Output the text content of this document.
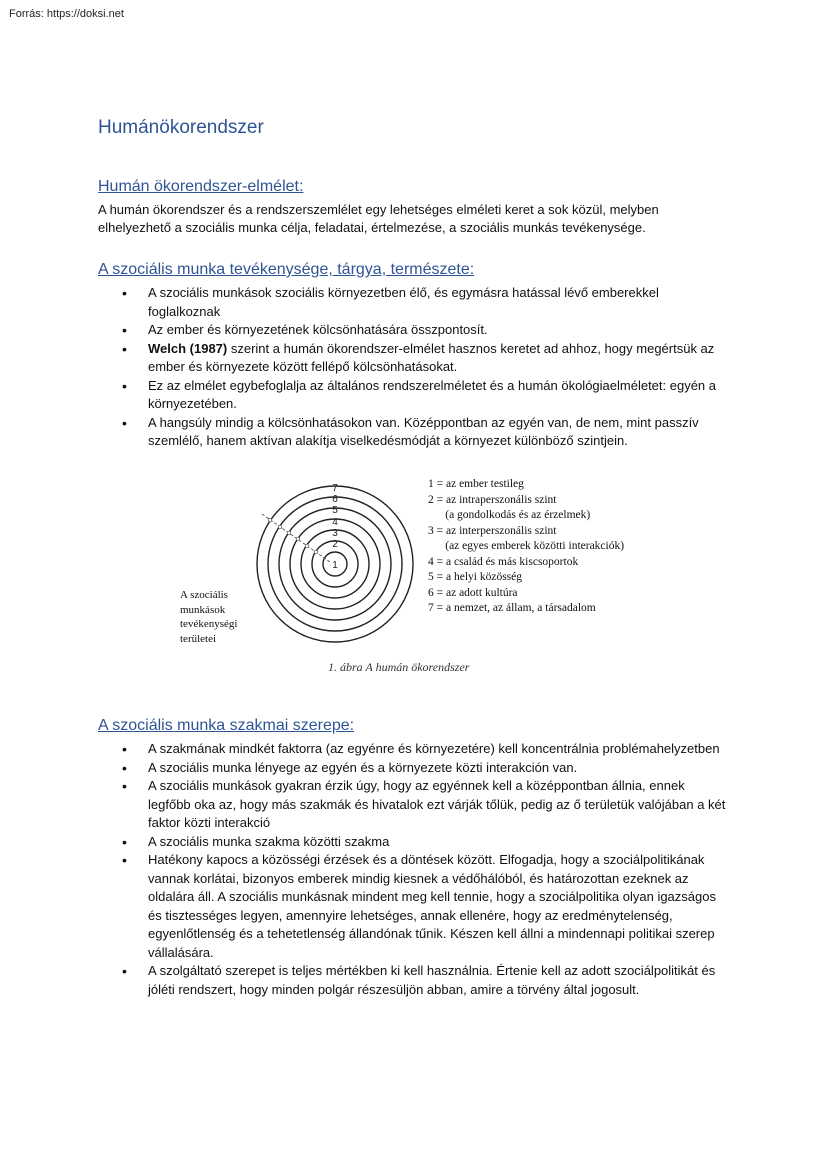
Forrás: https://doksi.net
Humánökorendszer
Humán ökorendszer-elmélet:
A humán ökorendszer és a rendszerszemlélet egy lehetséges elméleti keret a sok közül, melyben elhelyezhető a szociális munka célja, feladatai, értelmezése, a szociális munkás tevékenysége.
A szociális munka tevékenysége, tárgya, természete:
• A szociális munkások szociális környezetben élő, és egymásra hatással lévő emberekkel foglalkoznak
• Az ember és környezetének kölcsönhatására összpontosít.
• Welch (1987) szerint a humán ökorendszer-elmélet hasznos keretet ad ahhoz, hogy megértsük az ember és környezete között fellépő kölcsönhatásokat.
• Ez az elmélet egybefoglalja az általános rendszerelméletet és a humán ökológiaelméletet: egyén a környezetében.
• A hangsúly mindig a kölcsönhatásokon van. Középpontban az egyén van, de nem, mint passzív szemlélő, hanem aktívan alakítja viselkedésmódját a környezet különböző szintjein.
1
2
3
4
5
6
7	1 = az ember testileg
2 = az intraperszonális szint
(a gondolkodás és az érzelmek)
3 = az interperszonális szint
(az egyes emberek közötti interakciók)
4 = a család és más kiscsoportok
5 = a helyi közösség
6 = az adott kultúra
7 = a nemzet, az állam, a társadalom
A szociális munkások tevékenységi területei
1. ábra A humán ökorendszer
A szociális munka szakmai szerepe:
• A szakmának mindkét faktorra (az egyénre és környezetére) kell koncentrálnia problémahelyzetben
• A szociális munka lényege az egyén és a környezete közti interakción van.
• A szociális munkások gyakran érzik úgy, hogy az egyénnek kell a középpontban állnia, ennek legfőbb oka az, hogy más szakmák és hivatalok ezt várják tőlük, pedig az ő területük valójában a két faktor közti interakció
• A szociális munka szakma közötti szakma
• Hatékony kapocs a közösségi érzések és a döntések között. Elfogadja, hogy a szociálpolitikának vannak korlátai, bizonyos emberek mindig kiesnek a védőhálóból, és határozottan ezeknek az oldalára áll. A szociális munkásnak mindent meg kell tennie, hogy a szociálpolitika olyan igazságos és tisztességes legyen, amennyire lehetséges, annak ellenére, hogy az eredménytelenség, egyenlőtlenség és a tehetetlenség állandónak tűnik. Készen kell állni a mindennapi politikai szerep vállalására.
• A szolgáltató szerepet is teljes mértékben ki kell használnia. Értenie kell az adott szociálpolitikát és jóléti rendszert, hogy minden polgár részesüljön abban, amire a törvény által jogosult.
